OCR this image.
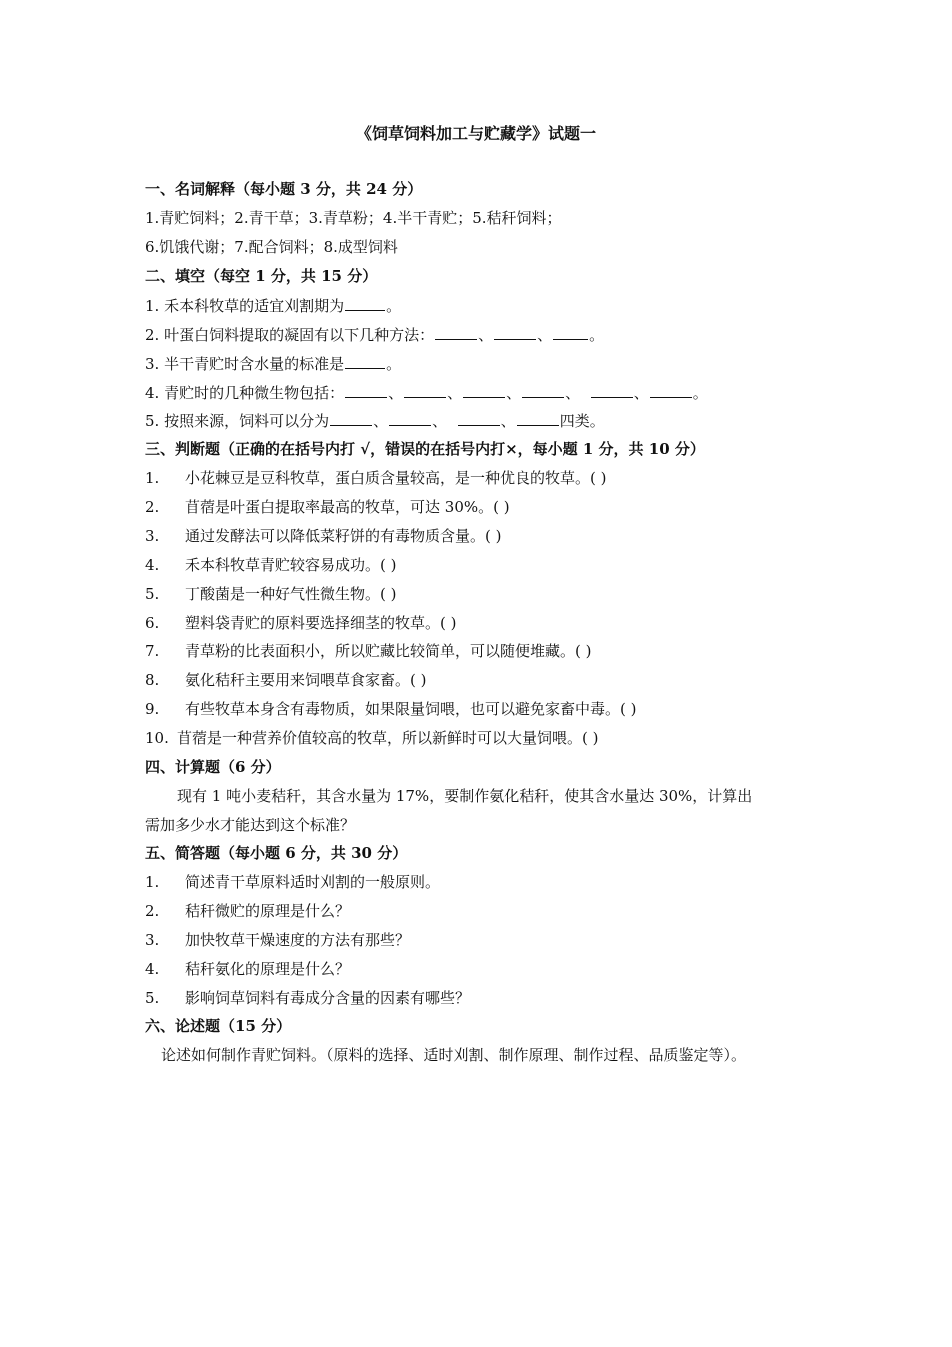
《饲草饲料加工与贮藏学》试题一
一、名词解释（每小题 3 分，共 24 分）
1.青贮饲料；2.青干草；3.青草粉；4.半干青贮；5.秸秆饲料；
6.饥饿代谢；7.配合饲料；8.成型饲料
二、填空（每空 1 分，共 15 分）
1. 禾本科牧草的适宜刈割期为	。
2. 叶蛋白饲料提取的凝固有以下几种方法：	、	、 。
3. 半干青贮时含水量的标准是	。
4. 青贮时的几种微生物包括：	、	、	、	、	、	。
5. 按照来源，饲料可以分为	、	、	、	四类。
三、判断题（正确的在括号内打 √，错误的在括号内打×，每小题 1 分，共 10 分）
1. 小花棘豆是豆科牧草，蛋白质含量较高，是一种优良的牧草。( )
2. 苜蓿是叶蛋白提取率最高的牧草，可达 30%。( )
3. 通过发酵法可以降低菜籽饼的有毒物质含量。( )
4. 禾本科牧草青贮较容易成功。( )
5. 丁酸菌是一种好气性微生物。( )
6. 塑料袋青贮的原料要选择细茎的牧草。( )
7. 青草粉的比表面积小，所以贮藏比较简单，可以随便堆藏。( )
8. 氨化秸秆主要用来饲喂草食家畜。( )
9. 有些牧草本身含有毒物质，如果限量饲喂，也可以避免家畜中毒。( )
10. 苜蓿是一种营养价值较高的牧草，所以新鲜时可以大量饲喂。( )
四、计算题（6 分）
现有 1 吨小麦秸秆，其含水量为 17%，要制作氨化秸秆，使其含水量达 30%，计算出
需加多少水才能达到这个标准？
五、简答题（每小题 6 分，共 30 分）
1. 简述青干草原料适时刈割的一般原则。
2. 秸秆微贮的原理是什么？
3. 加快牧草干燥速度的方法有那些？
4. 秸秆氨化的原理是什么？
5. 影响饲草饲料有毒成分含量的因素有哪些？
六、论述题（15 分）
论述如何制作青贮饲料。（原料的选择、适时刈割、制作原理、制作过程、品质鉴定等）。
